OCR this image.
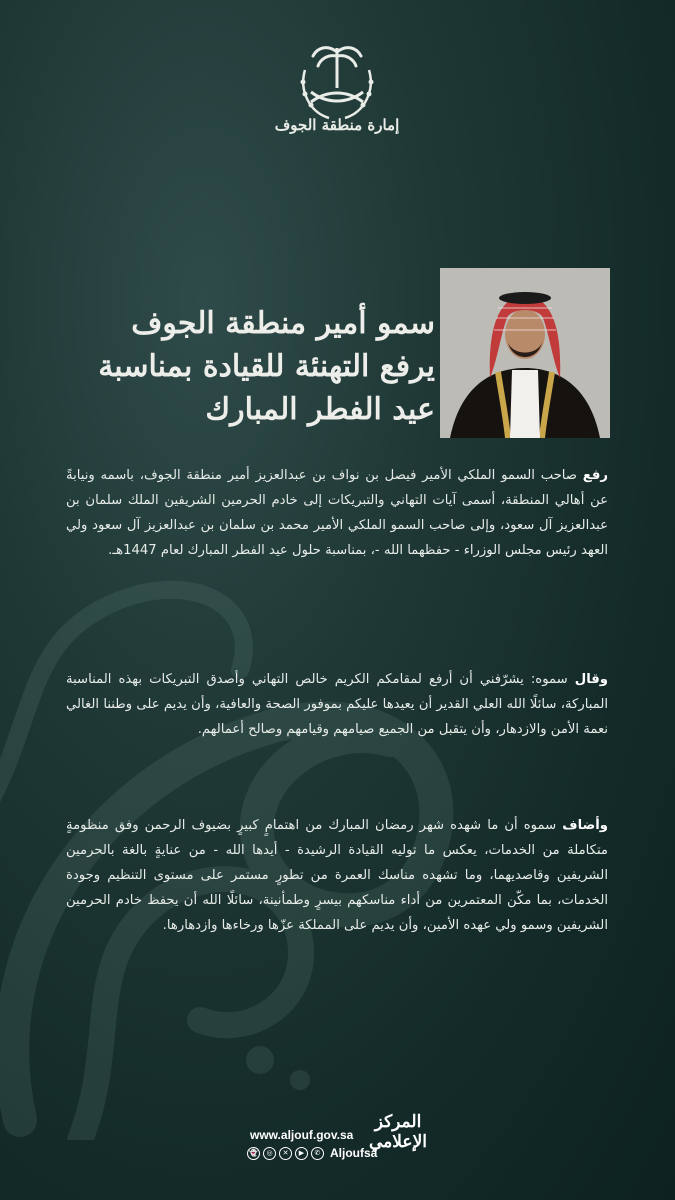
إمارة منطقة الجوف
سمو أمير منطقة الجوف
يرفع التهنئة للقيادة بمناسبة
عيد الفطر المبارك

رفع صاحب السمو الملكي الأمير فيصل بن نواف بن عبدالعزيز أمير منطقة الجوف، باسمه ونيابةً عن أهالي المنطقة، أسمى آيات التهاني والتبريكات إلى خادم الحرمين الشريفين الملك سلمان بن عبدالعزيز آل سعود، وإلى صاحب السمو الملكي الأمير محمد بن سلمان بن عبدالعزيز آل سعود ولي العهد رئيس مجلس الوزراء - حفظهما الله -، بمناسبة حلول عيد الفطر المبارك لعام 1447هـ.

وقال سموه: يشرّفني أن أرفع لمقامكم الكريم خالص التهاني وأصدق التبريكات بهذه المناسبة المباركة، سائلًا الله العلي القدير أن يعيدها عليكم بموفور الصحة والعافية، وأن يديم على وطننا الغالي نعمة الأمن والازدهار، وأن يتقبل من الجميع صيامهم وقيامهم وصالح أعمالهم.

وأضاف سموه أن ما شهده شهر رمضان المبارك من اهتمامٍ كبيرٍ بضيوف الرحمن وفق منظومةٍ متكاملة من الخدمات، يعكس ما توليه القيادة الرشيدة - أيدها الله - من عنايةٍ بالغة بالحرمين الشريفين وقاصديهما، وما تشهده مناسك العمرة من تطورٍ مستمر على مستوى التنظيم وجودة الخدمات، بما مكّن المعتمرين من أداء مناسكهم بيسرٍ وطمأنينة، سائلًا الله أن يحفظ خادم الحرمين الشريفين وسمو ولي عهده الأمين، وأن يديم على المملكة عزّها ورخاءها وازدهارها.

www.aljouf.gov.sa
👻	◎	✕	▶	✆ Aljoufsa
المركز
الإعلامي
